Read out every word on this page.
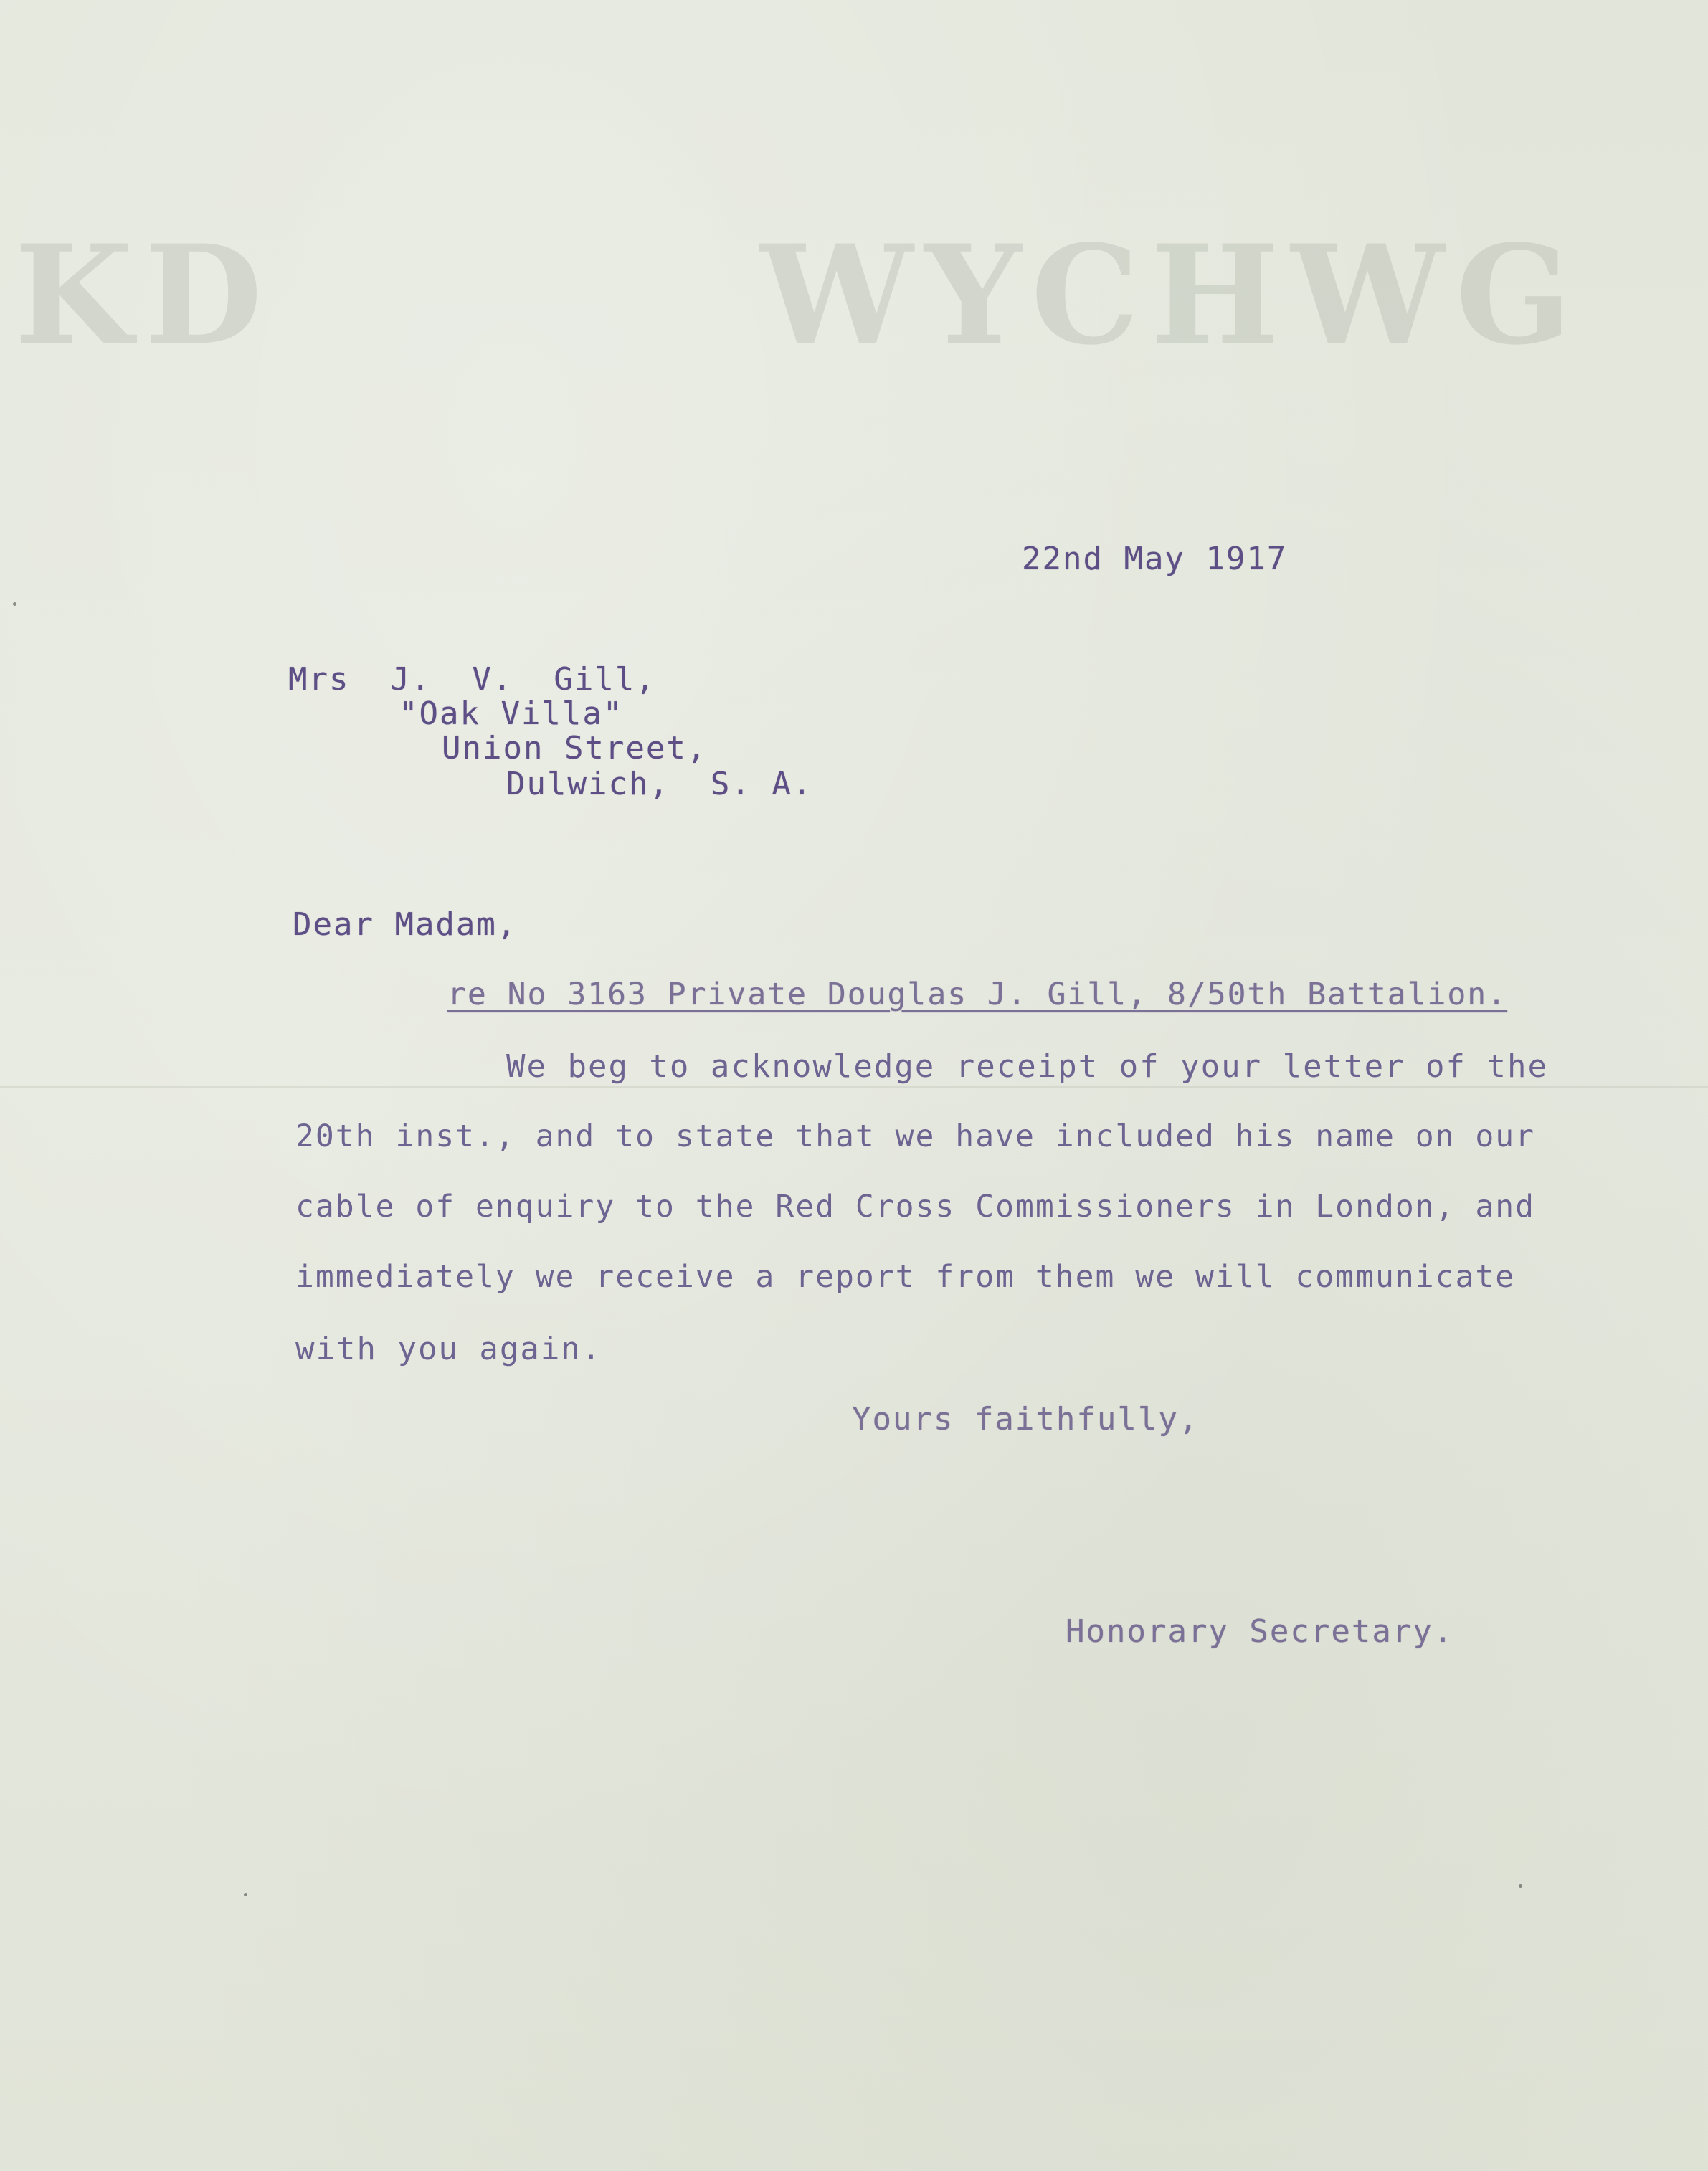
KD	WYCHWG
22nd May 1917
Mrs  J.  V.  Gill,
"Oak Villa"
Union Street,
Dulwich,  S. A.
Dear Madam,
re No 3163 Private Douglas J. Gill, 8/50th Battalion.
We beg to acknowledge receipt of your letter of the
20th inst., and to state that we have included his name on our
cable of enquiry to the Red Cross Commissioners in London, and
immediately we receive a report from them we will communicate
with you again.
Yours faithfully,
Honorary Secretary.
